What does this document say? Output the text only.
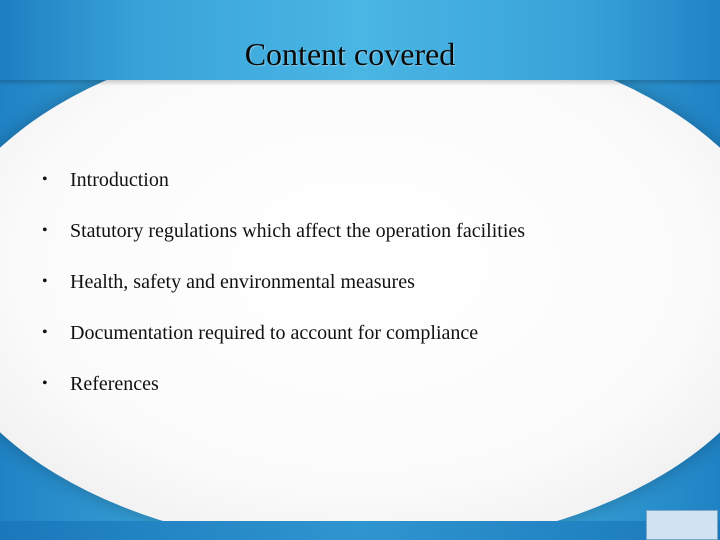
Content covered
• Introduction
• Statutory regulations which affect the operation facilities
• Health, safety and environmental measures
• Documentation required to account for compliance
• References
